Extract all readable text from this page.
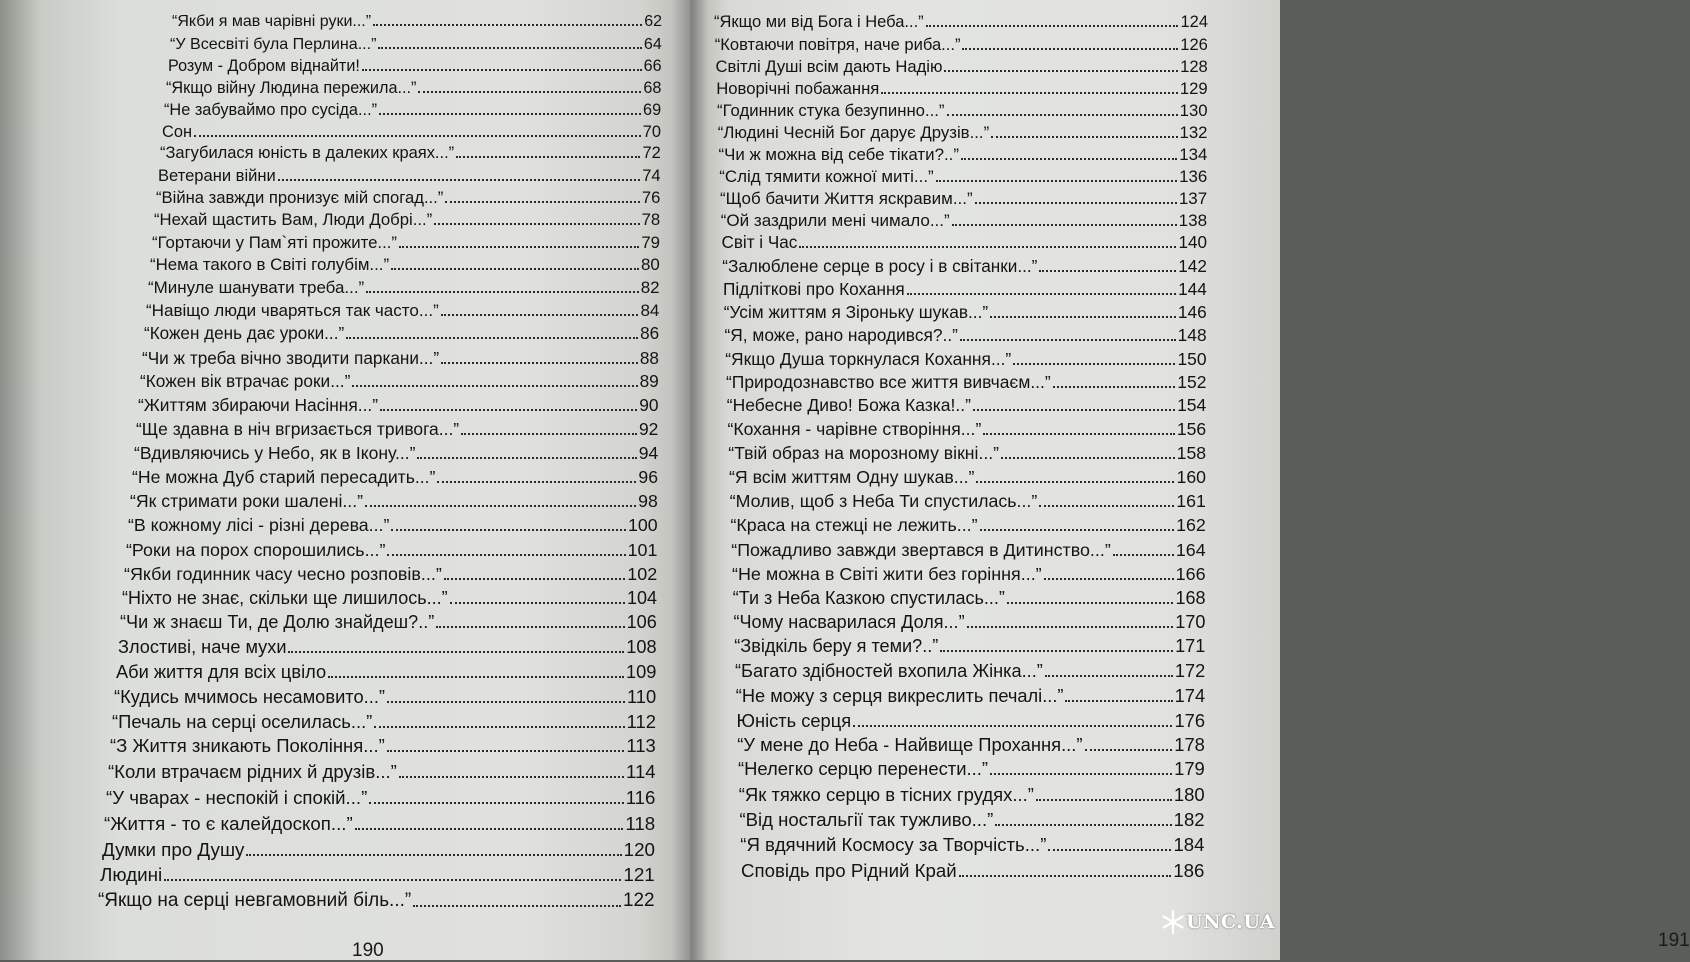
“Якби я мав чарівні руки...”	62
“У Всесвіті була Перлина...”	64
Розум - Добром віднайти!	66
“Якщо війну Людина пережила...”	68
“Не забуваймо про сусіда...”	69
Сон	70
“Загубилася юність в далеких краях...”	72
Ветерани війни	74
“Війна завжди пронизує мій спогад...”	76
“Нехай щастить Вам, Люди Добрі...”	78
“Гортаючи у Пам`яті прожите...”	79
“Нема такого в Світі голубім...”	80
“Минуле шанувати треба...”	82
“Навіщо люди чваряться так часто...”	84
“Кожен день дає уроки...”	86
“Чи ж треба вічно зводити паркани...”	88
“Кожен вік втрачає роки...”	89
“Життям збираючи Насіння...”	90
“Ще здавна в ніч вгризається тривога...”	92
“Вдивляючись у Небо, як в Ікону...”	94
“Не можна Дуб старий пересадить...”	96
“Як стримати роки шалені...”	98
“В кожному лісі - різні дерева...”	100
“Роки на порох спорошились...”	101
“Якби годинник часу чесно розповів...”	102
“Ніхто не знає, скільки ще лишилось...”	104
“Чи ж знаєш Ти, де Долю знайдеш?..”	106
Злостиві, наче мухи	108
Аби життя для всіх цвіло	109
“Кудись мчимось несамовито...”	110
“Печаль на серці оселилась...”	112
“З Життя зникають Покоління...”	113
“Коли втрачаєм рідних й друзів...”	114
“У чварах - неспокій і спокій...”	116
“Життя - то є калейдоскоп...”	118
Думки про Душу	120
Людині	121
“Якщо на серці невгамовний біль...”	122
190
“Якщо ми від Бога і Неба...”	124
“Ковтаючи повітря, наче риба...”	126
Світлі Душі всім дають Надію	128
Новорічні побажання	129
“Годинник стука безупинно...”	130
“Людині Чесній Бог дарує Друзів...”	132
“Чи ж можна від себе тікати?..”	134
“Слід тямити кожної миті...”	136
“Щоб бачити Життя яскравим...”	137
“Ой заздрили мені чимало...”	138
Світ і Час	140
“Залюблене серце в росу і в світанки...”	142
Підліткові про Кохання	144
“Усім життям я Зіроньку шукав...”	146
“Я, може, рано народився?..”	148
“Якщо Душа торкнулася Кохання...”	150
“Природознавство все життя вивчаєм...”	152
“Небесне Диво! Божа Казка!..”	154
“Кохання - чарівне створіння...”	156
“Твій образ на морозному вікні...”	158
“Я всім життям Одну шукав...”	160
“Молив, щоб з Неба Ти спустилась...”	161
“Краса на стежці не лежить...”	162
“Пожадливо завжди звертався в Дитинство...”	164
“Не можна в Світі жити без горіння...”	166
“Ти з Неба Казкою спустилась...”	168
“Чому насварилася Доля...”	170
“Звідкіль беру я теми?..”	171
“Багато здібностей вхопила Жінка...”	172
“Не можу з серця викреслить печалі...”	174
Юність серця	176
“У мене до Неба - Найвище Прохання...”	178
“Нелегко серцю перенести...”	179
“Як тяжко серцю в тісних грудях...”	180
“Від ностальгії так тужливо...”	182
“Я вдячний Космосу за Творчість...”	184
Сповідь про Рідний Край	186
191
UNC.UA
